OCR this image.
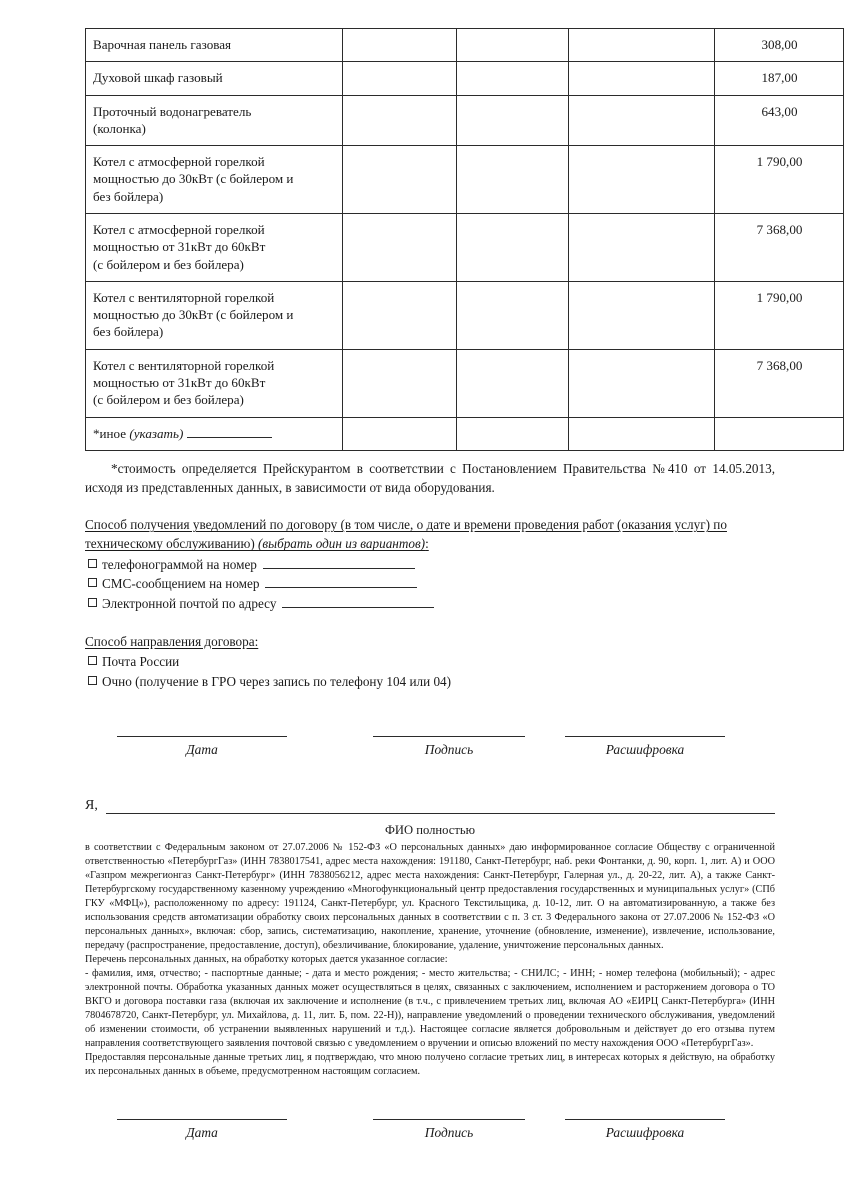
Варочная панель газовая				308,00

Духовой шкаф газовый				187,00

Проточный водонагреватель
(колонка)				643,00

Котел с атмосферной горелкой
мощностью до 30кВт (с бойлером и
без бойлера)				1 790,00

Котел с атмосферной горелкой
мощностью от 31кВт до 60кВт
(с бойлером и без бойлера)				7 368,00

Котел с вентиляторной горелкой
мощностью до 30кВт (с бойлером и
без бойлера)				1 790,00

Котел с вентиляторной горелкой
мощностью от 31кВт до 60кВт
(с бойлером и без бойлера)				7 368,00
*иное (указать)				
*стоимость определяется Прейскурантом в соответствии с Постановлением Правительства №410 от 14.05.2013, исходя из представленных данных, в зависимости от вида оборудования.
Способ получения уведомлений по договору (в том числе, о дате и времени проведения работ (оказания услуг) по техническому обслуживанию) (выбрать один из вариантов):
телефонограммой на номер
СМС-сообщением на номер
Электронной почтой по адресу
Способ направления договора:
Почта России
Очно (получение в ГРО через запись по телефону 104 или 04)
Дата	Подпись	Расшифровка
Я,
ФИО полностью

в соответствии с Федеральным законом от 27.07.2006 № 152-ФЗ «О персональных данных» даю информированное согласие Обществу с ограниченной ответственностью «ПетербургГаз» (ИНН 7838017541, адрес места нахождения: 191180, Санкт-Петербург, наб. реки Фонтанки, д. 90, корп. 1, лит. А) и ООО «Газпром межрегионгаз Санкт-Петербург» (ИНН 7838056212, адрес места нахождения: Санкт-Петербург, Галерная ул., д. 20-22, лит. А), а также Санкт-Петербургскому государственному казенному учреждению «Многофункциональный центр предоставления государственных и муниципальных услуг» (СПб ГКУ «МФЦ»), расположенному по адресу: 191124, Санкт-Петербург, ул. Красного Текстильщика, д. 10-12, лит. О на автоматизированную, а также без использования средств автоматизации обработку своих персональных данных в соответствии с п. 3 ст. 3 Федерального закона от 27.07.2006 № 152-ФЗ «О персональных данных», включая: сбор, запись, систематизацию, накопление, хранение, уточнение (обновление, изменение), извлечение, использование, передачу (распространение, предоставление, доступ), обезличивание, блокирование, удаление, уничтожение персональных данных.

Перечень персональных данных, на обработку которых дается указанное согласие:

- фамилия, имя, отчество; - паспортные данные; - дата и место рождения; - место жительства; - СНИЛС; - ИНН; - номер телефона (мобильный); - адрес электронной почты. Обработка указанных данных может осуществляться в целях, связанных с заключением, исполнением и расторжением договора о ТО ВКГО и договора поставки газа (включая их заключение и исполнение (в т.ч., с привлечением третьих лиц, включая АО «ЕИРЦ Санкт-Петербурга» (ИНН 7804678720, Санкт-Петербург, ул. Михайлова, д. 11, лит. Б, пом. 22-Н)), направление уведомлений о проведении технического обслуживания, уведомлений об изменении стоимости, об устранении выявленных нарушений и т.д.). Настоящее согласие является добровольным и действует до его отзыва путем направления соответствующего заявления почтовой связью с уведомлением о вручении и описью вложений по месту нахождения ООО «ПетербургГаз».

Предоставляя персональные данные третьих лиц, я подтверждаю, что мною получено согласие третьих лиц, в интересах которых я действую, на обработку их персональных данных в объеме, предусмотренном настоящим согласием.

Дата	Подпись	Расшифровка
